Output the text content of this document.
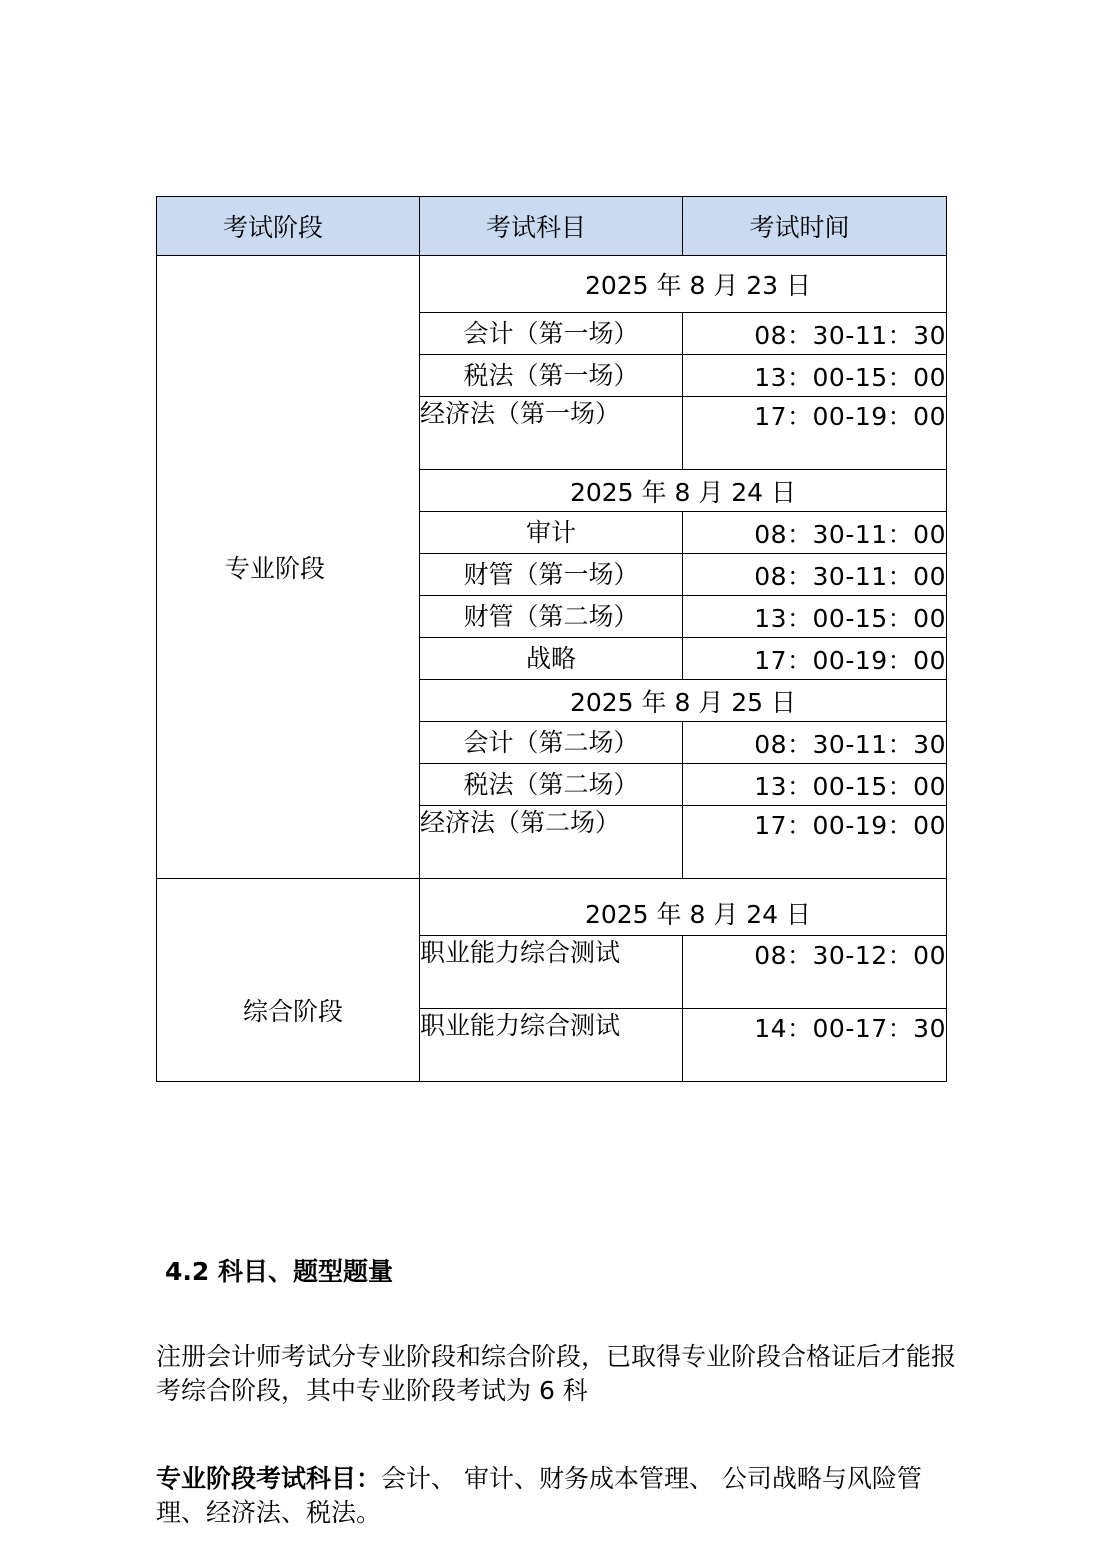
考试阶段	考试科目	考试时间
专业阶段	2025 年 8 月 23 日	
	会计（第一场）	08：30-11：30
	税法（第一场）	13：00-15：00
	经济法（第一场）	17：00-19：00
	2025 年 8 月 24 日	
	审计	08：30-11：00
	财管（第一场）	08：30-11：00
	财管（第二场）	13：00-15：00
	战略	17：00-19：00
	2025 年 8 月 25 日	
	会计（第二场）	08：30-11：30
	税法（第二场）	13：00-15：00
	经济法（第二场）	17：00-19：00

综合阶段	2025 年 8 月 24 日	
	职业能力综合测试	08：30-12：00
	职业能力综合测试	14：00-17：30
4.2 科目、题型题量

注册会计师考试分专业阶段和综合阶段，已取得专业阶段合格证后才能报考综合阶段，其中专业阶段考试为 6 科

专业阶段考试科目：会计、 审计、财务成本管理、 公司战略与风险管理、经济法、税法。
